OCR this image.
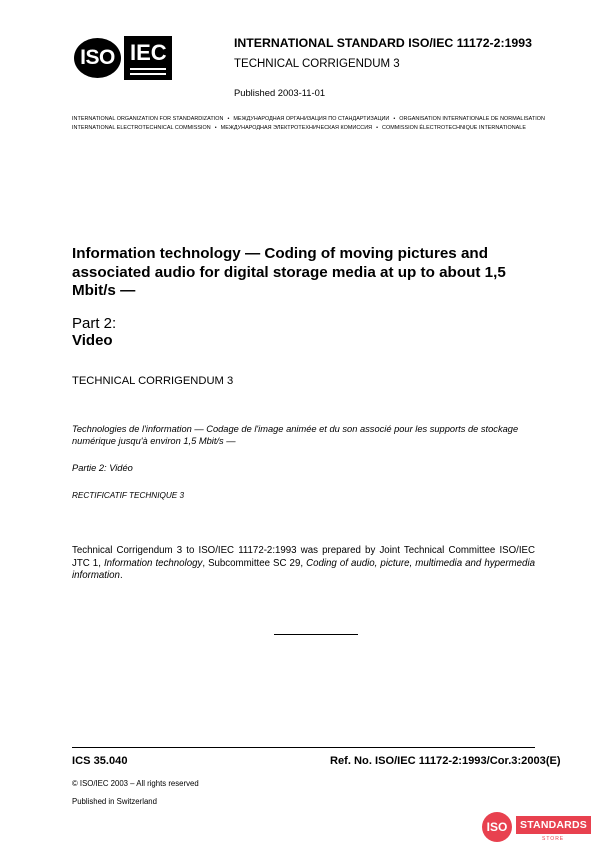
ISO IEC	INTERNATIONAL STANDARD ISO/IEC 11172-2:1993
TECHNICAL CORRIGENDUM 3
Published 2003-11-01
INTERNATIONAL ORGANIZATION FOR STANDARDIZATION • МЕЖДУНАРОДНАЯ ОРГАНИЗАЦИЯ ПО СТАНДАРТИЗАЦИИ • ORGANISATION INTERNATIONALE DE NORMALISATION
INTERNATIONAL ELECTROTECHNICAL COMMISSION • МЕЖДУНАРОДНАЯ ЭЛЕКТРОТЕХНИЧЕСКАЯ КОМИССИЯ • COMMISSION ÉLECTROTECHNIQUE INTERNATIONALE
Information technology — Coding of moving pictures and associated audio for digital storage media at up to about 1,5 Mbit/s —
Part 2:
Video
TECHNICAL CORRIGENDUM 3
Technologies de l'information — Codage de l'image animée et du son associé pour les supports de stockage numérique jusqu'à environ 1,5 Mbit/s —
Partie 2: Vidéo
RECTIFICATIF TECHNIQUE 3
Technical Corrigendum 3 to ISO/IEC 11172-2:1993 was prepared by Joint Technical Committee ISO/IEC JTC 1, Information technology, Subcommittee SC 29, Coding of audio, picture, multimedia and hypermedia information.
ICS 35.040	Ref. No. ISO/IEC 11172-2:1993/Cor.3:2003(E)
© ISO/IEC 2003 – All rights reserved
Published in Switzerland
ISO	STANDARDS
STORE
